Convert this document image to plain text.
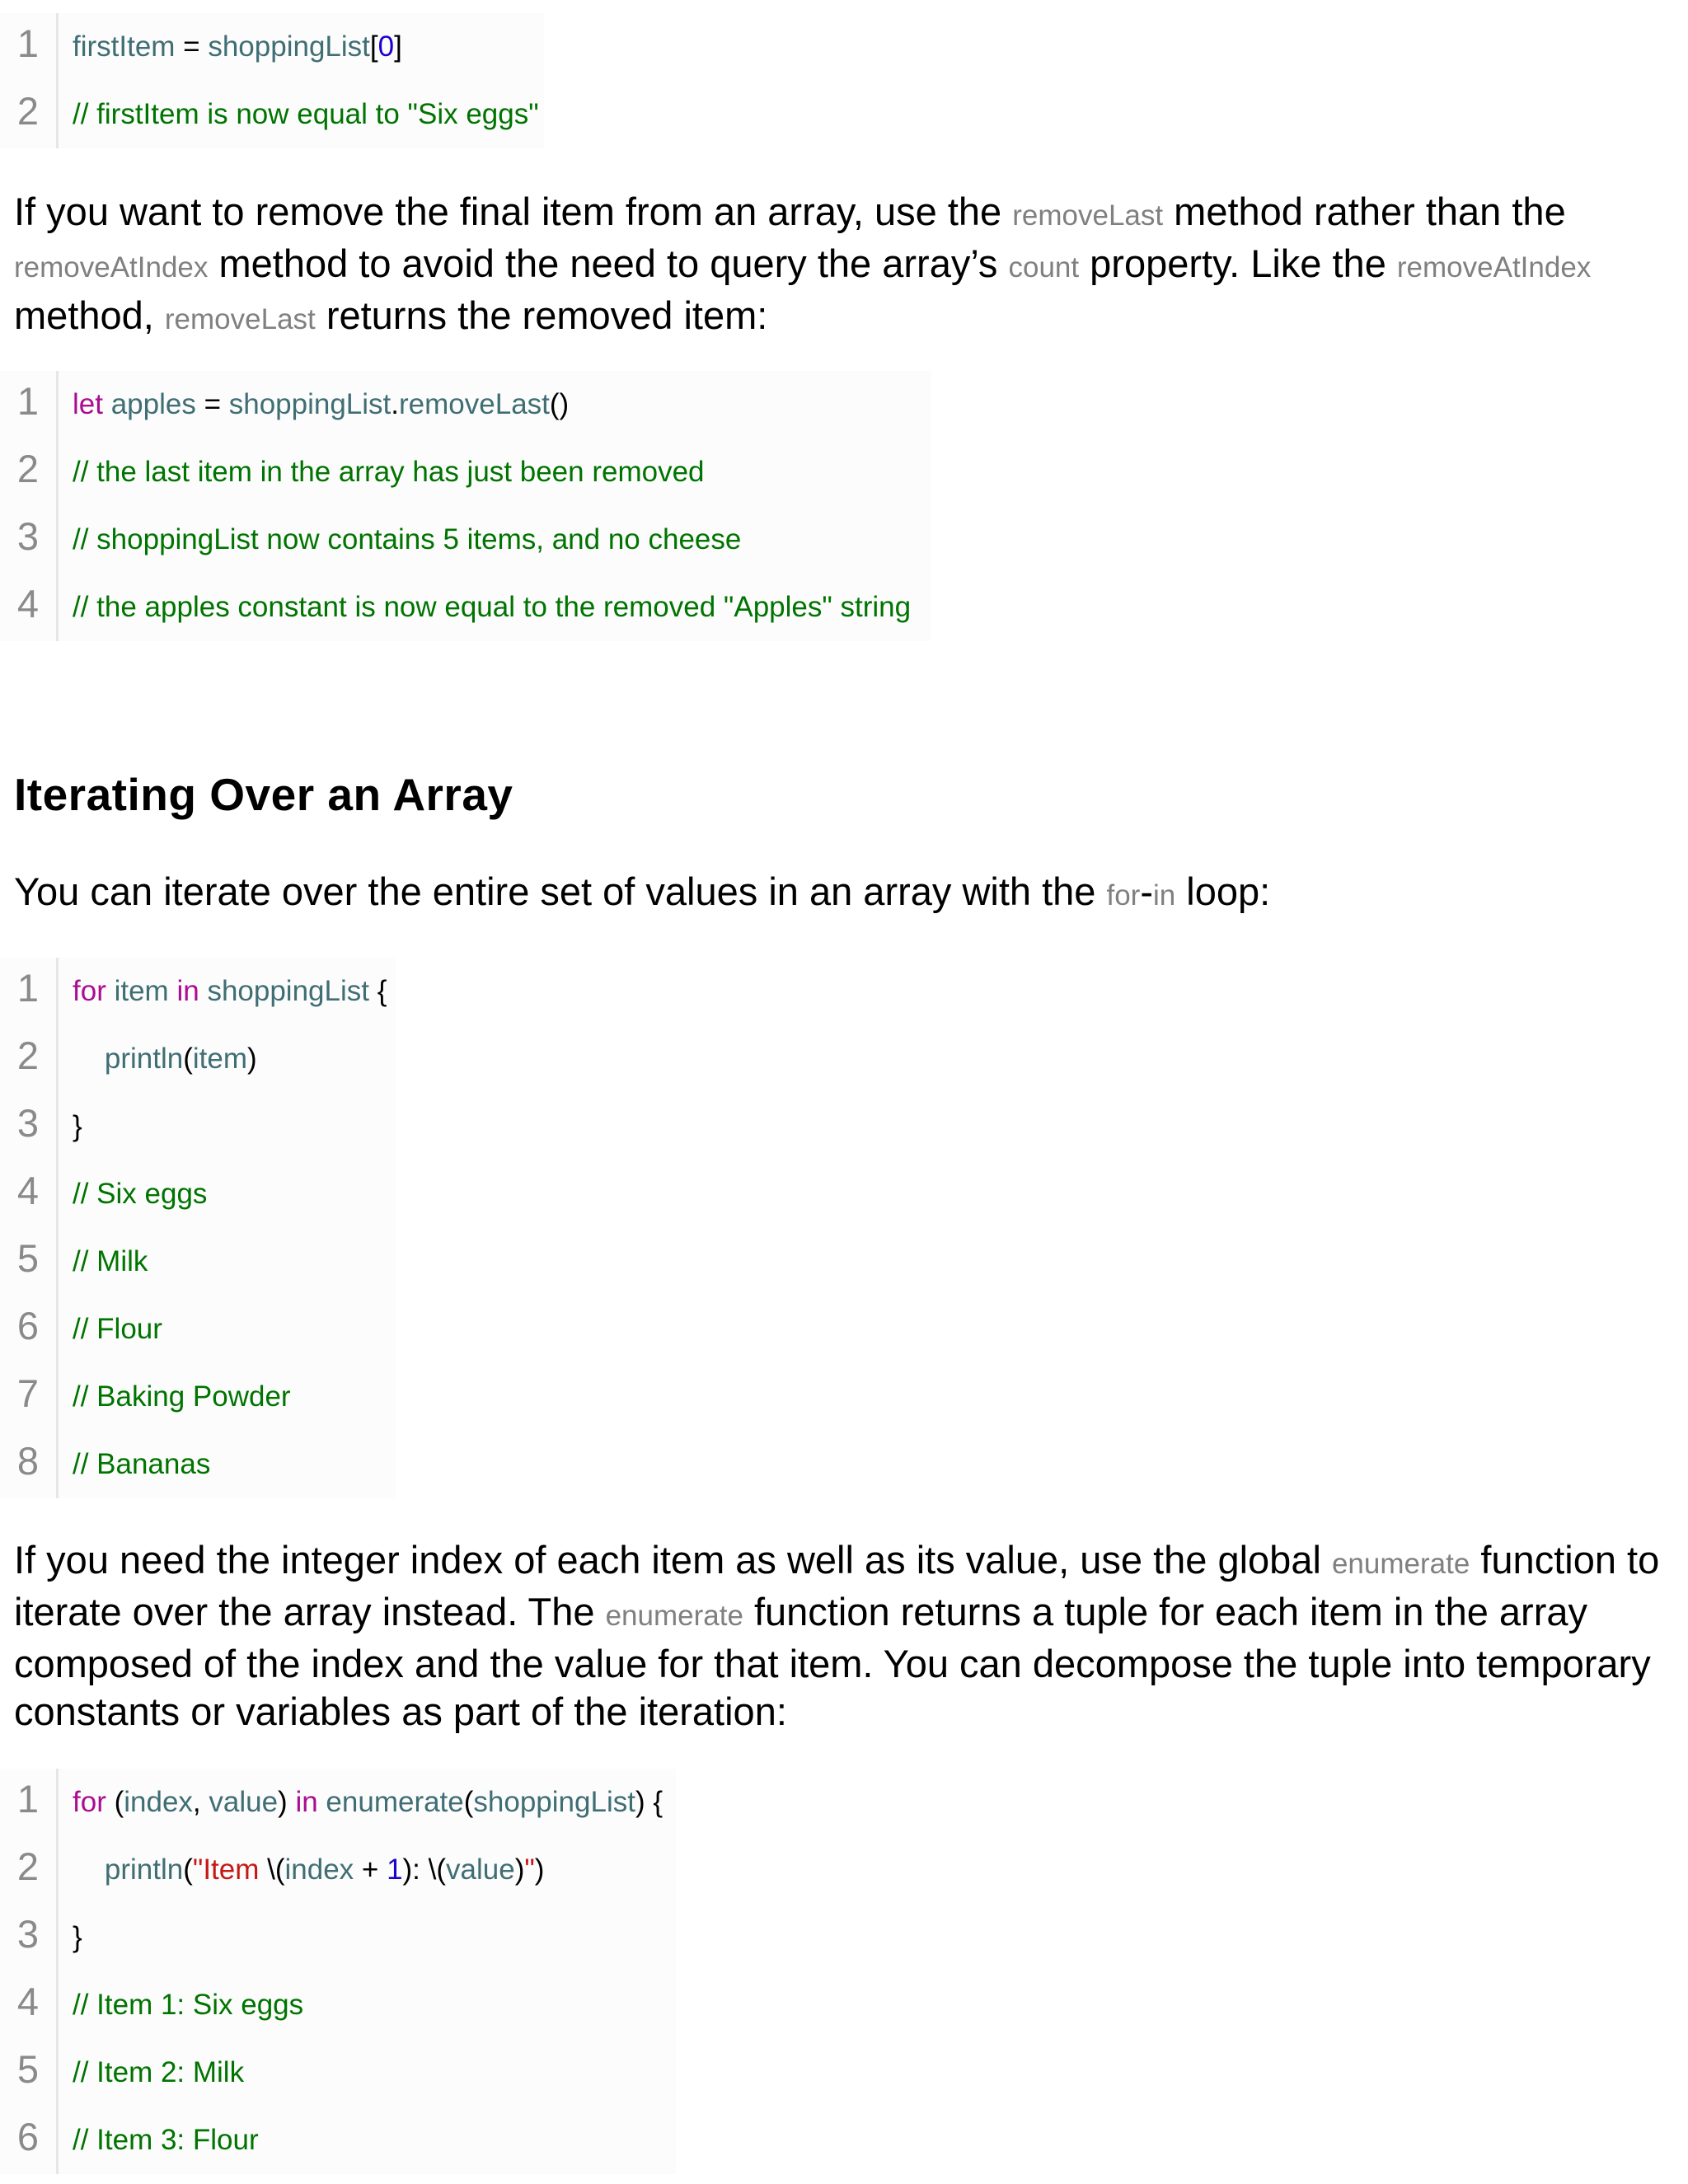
1	firstItem = shoppingList[0]
2	// firstItem is now equal to "Six eggs"

If you want to remove the final item from an array, use the removeLast method rather than the removeAtIndex method to avoid the need to query the array’s count property. Like the removeAtIndex method, removeLast returns the removed item:

1	let apples = shoppingList.removeLast()
2	// the last item in the array has just been removed
3	// shoppingList now contains 5 items, and no cheese
4	// the apples constant is now equal to the removed "Apples" string
Iterating Over an Array

You can iterate over the entire set of values in an array with the for-in loop:

1	for item in shoppingList {
2	println(item)
3	}
4	// Six eggs
5	// Milk
6	// Flour
7	// Baking Powder
8	// Bananas

If you need the integer index of each item as well as its value, use the global enumerate function to iterate over the array instead. The enumerate function returns a tuple for each item in the array composed of the index and the value for that item. You can decompose the tuple into temporary constants or variables as part of the iteration:

1	for (index, value) in enumerate(shoppingList) {
2	println("Item \(index + 1): \(value)")
3	}
4	// Item 1: Six eggs
5	// Item 2: Milk
6	// Item 3: Flour
